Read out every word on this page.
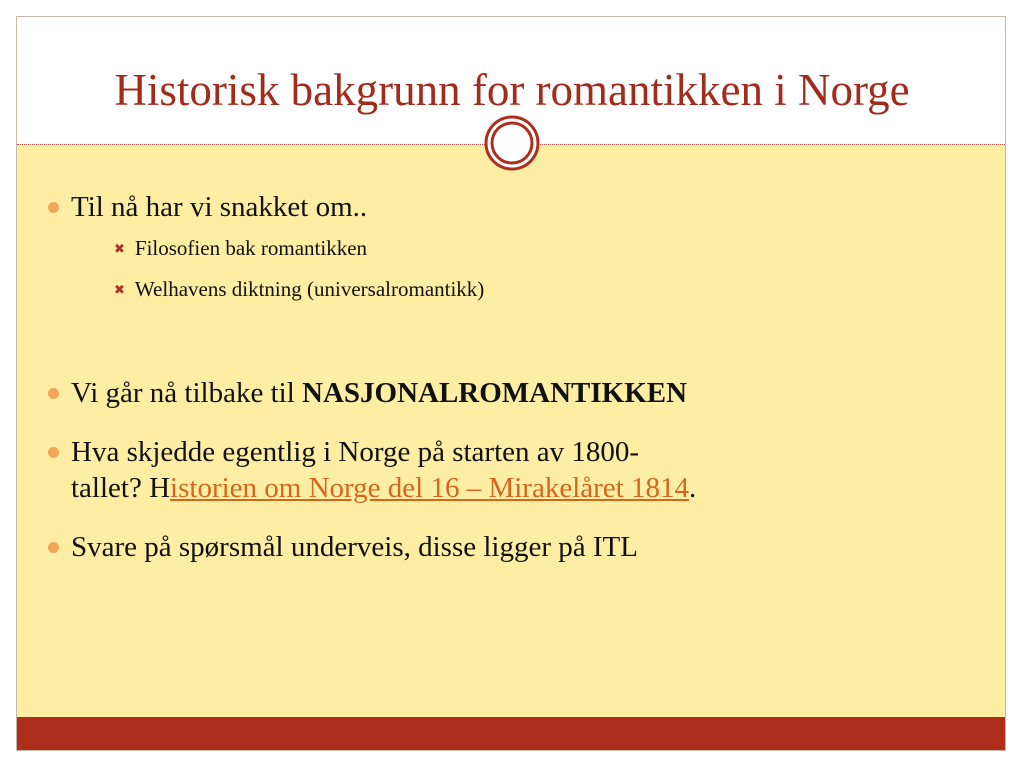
Historisk bakgrunn for romantikken i Norge
Til nå har vi snakket om..
✖ Filosofien bak romantikken
✖ Welhavens diktning (universalromantikk)
Vi går nå tilbake til NASJONALROMANTIKKEN
Hva skjedde egentlig i Norge på starten av 1800-
tallet? Historien om Norge del 16 – Mirakelåret 1814.
Svare på spørsmål underveis, disse ligger på ITL
